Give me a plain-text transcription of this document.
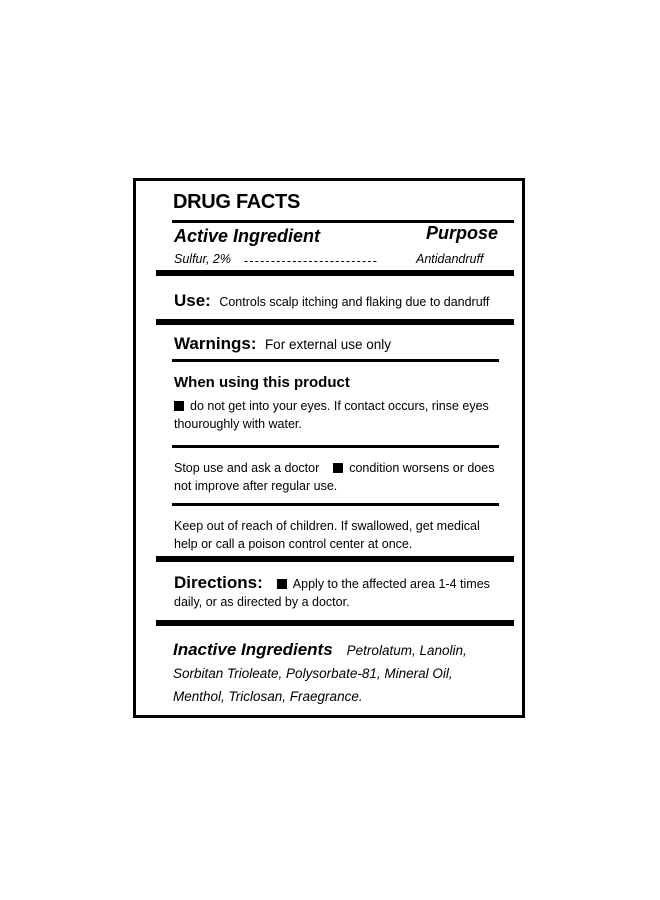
DRUG FACTS
Active Ingredient	Purpose
Sulfur, 2% -------------------------	Antidandruff
Use: Controls scalp itching and flaking due to dandruff
Warnings: For external use only
When using this product
do not get into your eyes. If contact occurs, rinse eyes thouroughly with water.
Stop use and ask a doctor condition worsens or does not improve after regular use.
Keep out of reach of children. If swallowed, get medical help or call a poison control center at once.
Directions: Apply to the affected area 1-4 times daily, or as directed by a doctor.
Inactive Ingredients Petrolatum, Lanolin, Sorbitan Trioleate, Polysorbate-81, Mineral Oil, Menthol, Triclosan, Fraegrance.
